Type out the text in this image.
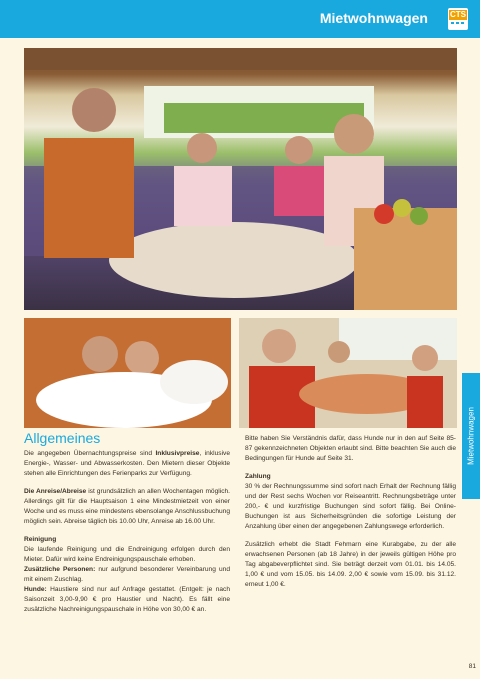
Mietwohnwagen	CTS
Mietwohnwagen
Allgemeines

Die angegeben Übernachtungspreise sind Inklusivpreise, inklusive Energie-, Wasser- und Abwasserkosten. Den Mietern dieser Objekte stehen alle Einrichtungen des Ferienparks zur Verfügung.

Die Anreise/Abreise ist grundsätzlich an allen Wochentagen möglich. Allerdings gilt für die Hauptsaison 1 eine Mindestmietzeit von einer Woche und es muss eine mindestens ebensolange Anschlussbuchung möglich sein. Abreise täglich bis 10.00 Uhr, Anreise ab 16.00 Uhr.

Reinigung

Die laufende Reinigung und die Endreinigung erfolgen durch den Mieter. Dafür wird keine Endreinigungspauschale erhoben.

Zusätzliche Personen: nur aufgrund besonderer Vereinbarung und mit einem Zuschlag.

Hunde: Haustiere sind nur auf Anfrage gestattet. (Entgelt: je nach Saisonzeit 3,00-9,90 € pro Haustier und Nacht). Es fällt eine zusätzliche Nachreinigungspauschale in Höhe von 30,00 € an.

Bitte haben Sie Verständnis dafür, dass Hunde nur in den auf Seite 85-87 gekennzeichneten Objekten erlaubt sind. Bitte beachten Sie auch die Bedingungen für Hunde auf Seite 31.

Zahlung

30 % der Rechnungssumme sind sofort nach Erhalt der Rechnung fällig und der Rest sechs Wochen vor Reiseantritt. Rechnungsbeträge unter 200,- € und kurzfristige Buchungen sind sofort fällig. Bei Online-Buchungen ist aus Sicherheitsgründen die sofortige Leistung der Anzahlung über einen der angegebenen Zahlungswege erforderlich.

Zusätzlich erhebt die Stadt Fehmarn eine Kurabgabe, zu der alle erwachsenen Personen (ab 18 Jahre) in der jeweils gültigen Höhe pro Tag abgabeverpflichtet sind. Sie beträgt derzeit vom 01.01. bis 14.05. 1,00 € und vom 15.05. bis 14.09. 2,00 € sowie vom 15.09. bis 31.12. erneut 1,00 €.

81
